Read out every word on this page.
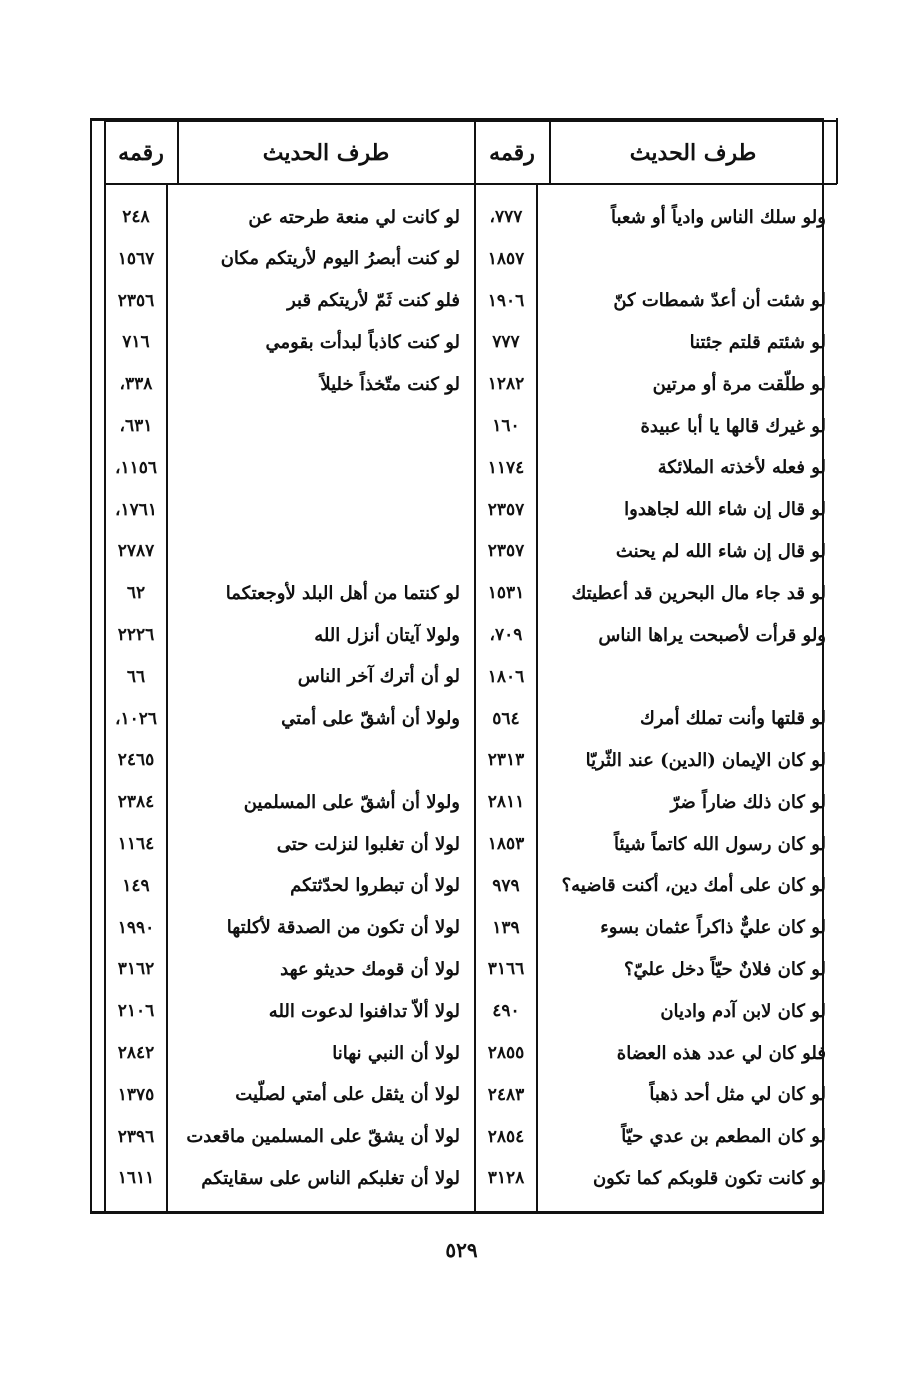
طرف الحديث
رقمه
طرف الحديث
رقمه
ولو سلك الناس وادياً أو شعباً
٧٧٧،
لو كانت لي منعة طرحته عن
٢٤٨
١٨٥٧
لو كنت أبصرُ اليوم لأريتكم مكان
١٥٦٧
لو شئت أن أعدّ شمطات كنّ
١٩٠٦
فلو كنت ثَمّ لأريتكم قبر
٢٣٥٦
لو شئتم قلتم جئتنا
٧٧٧
لو كنت كاذباً لبدأت بقومي
٧١٦
لو طلّقت مرة أو مرتين
١٢٨٢
لو كنت متّخذاً خليلاً
٣٣٨،
لو غيرك قالها يا أبا عبيدة
١٦٠
٦٣١،
لو فعله لأخذته الملائكة
١١٧٤
١١٥٦،
لو قال إن شاء الله لجاهدوا
٢٣٥٧
١٧٦١،
لو قال إن شاء الله لم يحنث
٢٣٥٧
٢٧٨٧
لو قد جاء مال البحرين قد أعطيتك
١٥٣١
لو كنتما من أهل البلد لأوجعتكما
٦٢
ولو قرأت لأصبحت يراها الناس
٧٠٩،
ولولا آيتان أنزل الله
٢٢٢٦
١٨٠٦
لو أن أترك آخر الناس
٦٦
لو قلتها وأنت تملك أمرك
٥٦٤
ولولا أن أشقّ على أمتي
١٠٢٦،
لو كان الإيمان (الدين) عند الثّريّا
٢٣١٣
٢٤٦٥
لو كان ذلك ضاراً ضرّ
٢٨١١
ولولا أن أشقّ على المسلمين
٢٣٨٤
لو كان رسول الله كاتماً شيئاً
١٨٥٣
لولا أن تغلبوا لنزلت حتى
١١٦٤
لو كان على أمك دين، أكنت قاضيه؟
٩٧٩
لولا أن تبطروا لحدّثتكم
١٤٩
لو كان عليٌّ ذاكراً عثمان بسوء
١٣٩
لولا أن تكون من الصدقة لأكلتها
١٩٩٠
لو كان فلانٌ حيّاً دخل عليّ؟
٣١٦٦
لولا أن قومك حديثو عهد
٣١٦٢
لو كان لابن آدم واديان
٤٩٠
لولا ألاّ تدافنوا لدعوت الله
٢١٠٦
فلو كان لي عدد هذه العضاة
٢٨٥٥
لولا أن النبي نهانا
٢٨٤٢
لو كان لي مثل أحد ذهباً
٢٤٨٣
لولا أن يثقل على أمتي لصلّيت
١٣٧٥
لو كان المطعم بن عدي حيّاً
٢٨٥٤
لولا أن يشقّ على المسلمين ماقعدت
٢٣٩٦
لو كانت تكون قلوبكم كما تكون
٣١٢٨
لولا أن تغلبكم الناس على سقايتكم
١٦١١
٥٢٩
